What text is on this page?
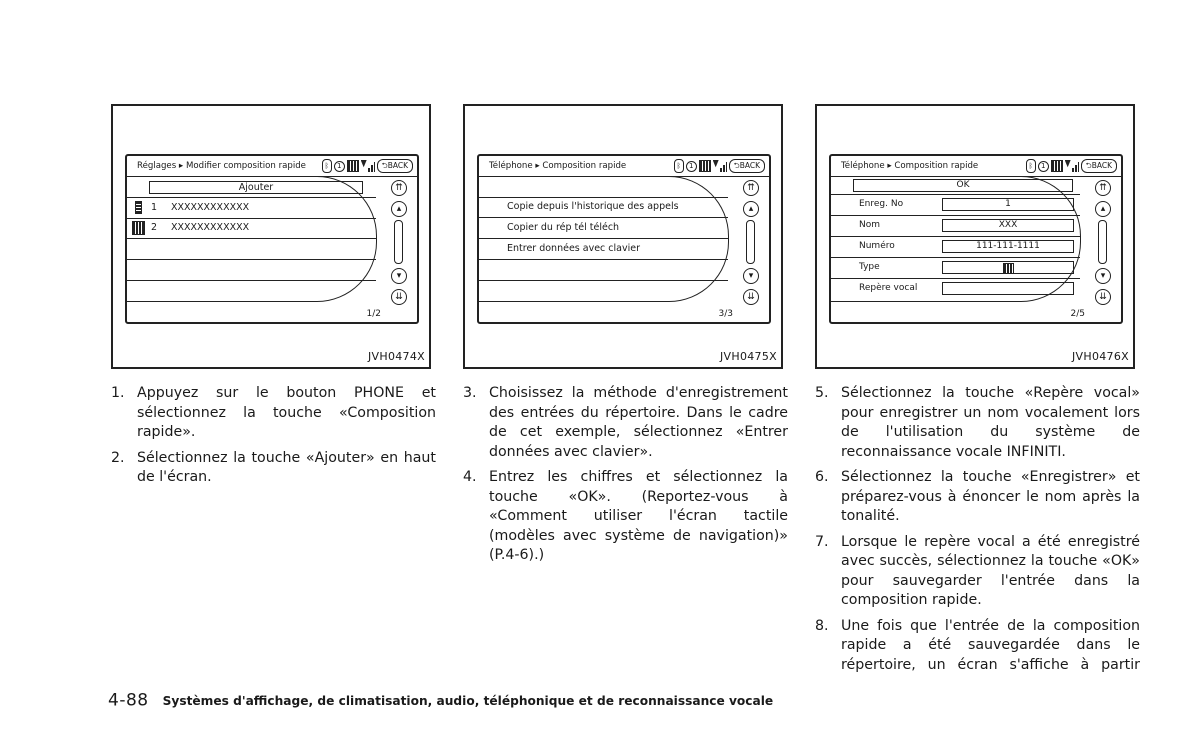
Réglages ▸ Modifier composition rapide	ᛒ	1	⮌BACK
Ajouter
1 XXXXXXXXXXXX
2 XXXXXXXXXXXX
⇈
▴
▾
⇊
1/2
JVH0474X
Téléphone ▸ Composition rapide	ᛒ	1	⮌BACK
Copie depuis l'historique des appels
Copier du rép tél téléch
Entrer données avec clavier
⇈
▴
▾
⇊
3/3
JVH0475X
Téléphone ▸ Composition rapide	ᛒ	1	⮌BACK
OK
Enreg. No	1
Nom	XXX
Numéro	111-111-1111
Type
Repère vocal
⇈
▴
▾
⇊
2/5
JVH0476X
1. Appuyez sur le bouton PHONE et sélectionnez la touche «Composition rapide».
2. Sélectionnez la touche «Ajouter» en haut de l'écran.
3. Choisissez la méthode d'enregistrement des entrées du répertoire. Dans le cadre de cet exemple, sélectionnez «Entrer données avec clavier».
4. Entrez les chiffres et sélectionnez la touche «OK». (Reportez-vous à «Comment utiliser l'écran tactile (modèles avec système de navigation)» (P.4-6).)
5. Sélectionnez la touche «Repère vocal» pour enregistrer un nom vocalement lors de l'utilisation du système de reconnaissance vocale INFINITI.
6. Sélectionnez la touche «Enregistrer» et préparez-vous à énoncer le nom après la tonalité.
7. Lorsque le repère vocal a été enregistré avec succès, sélectionnez la touche «OK» pour sauvegarder l'entrée dans la composition rapide.
8. Une fois que l'entrée de la composition rapide a été sauvegardée dans le répertoire, un écran s'affiche à partir
4-88 Systèmes d'affichage, de climatisation, audio, téléphonique et de reconnaissance vocale
